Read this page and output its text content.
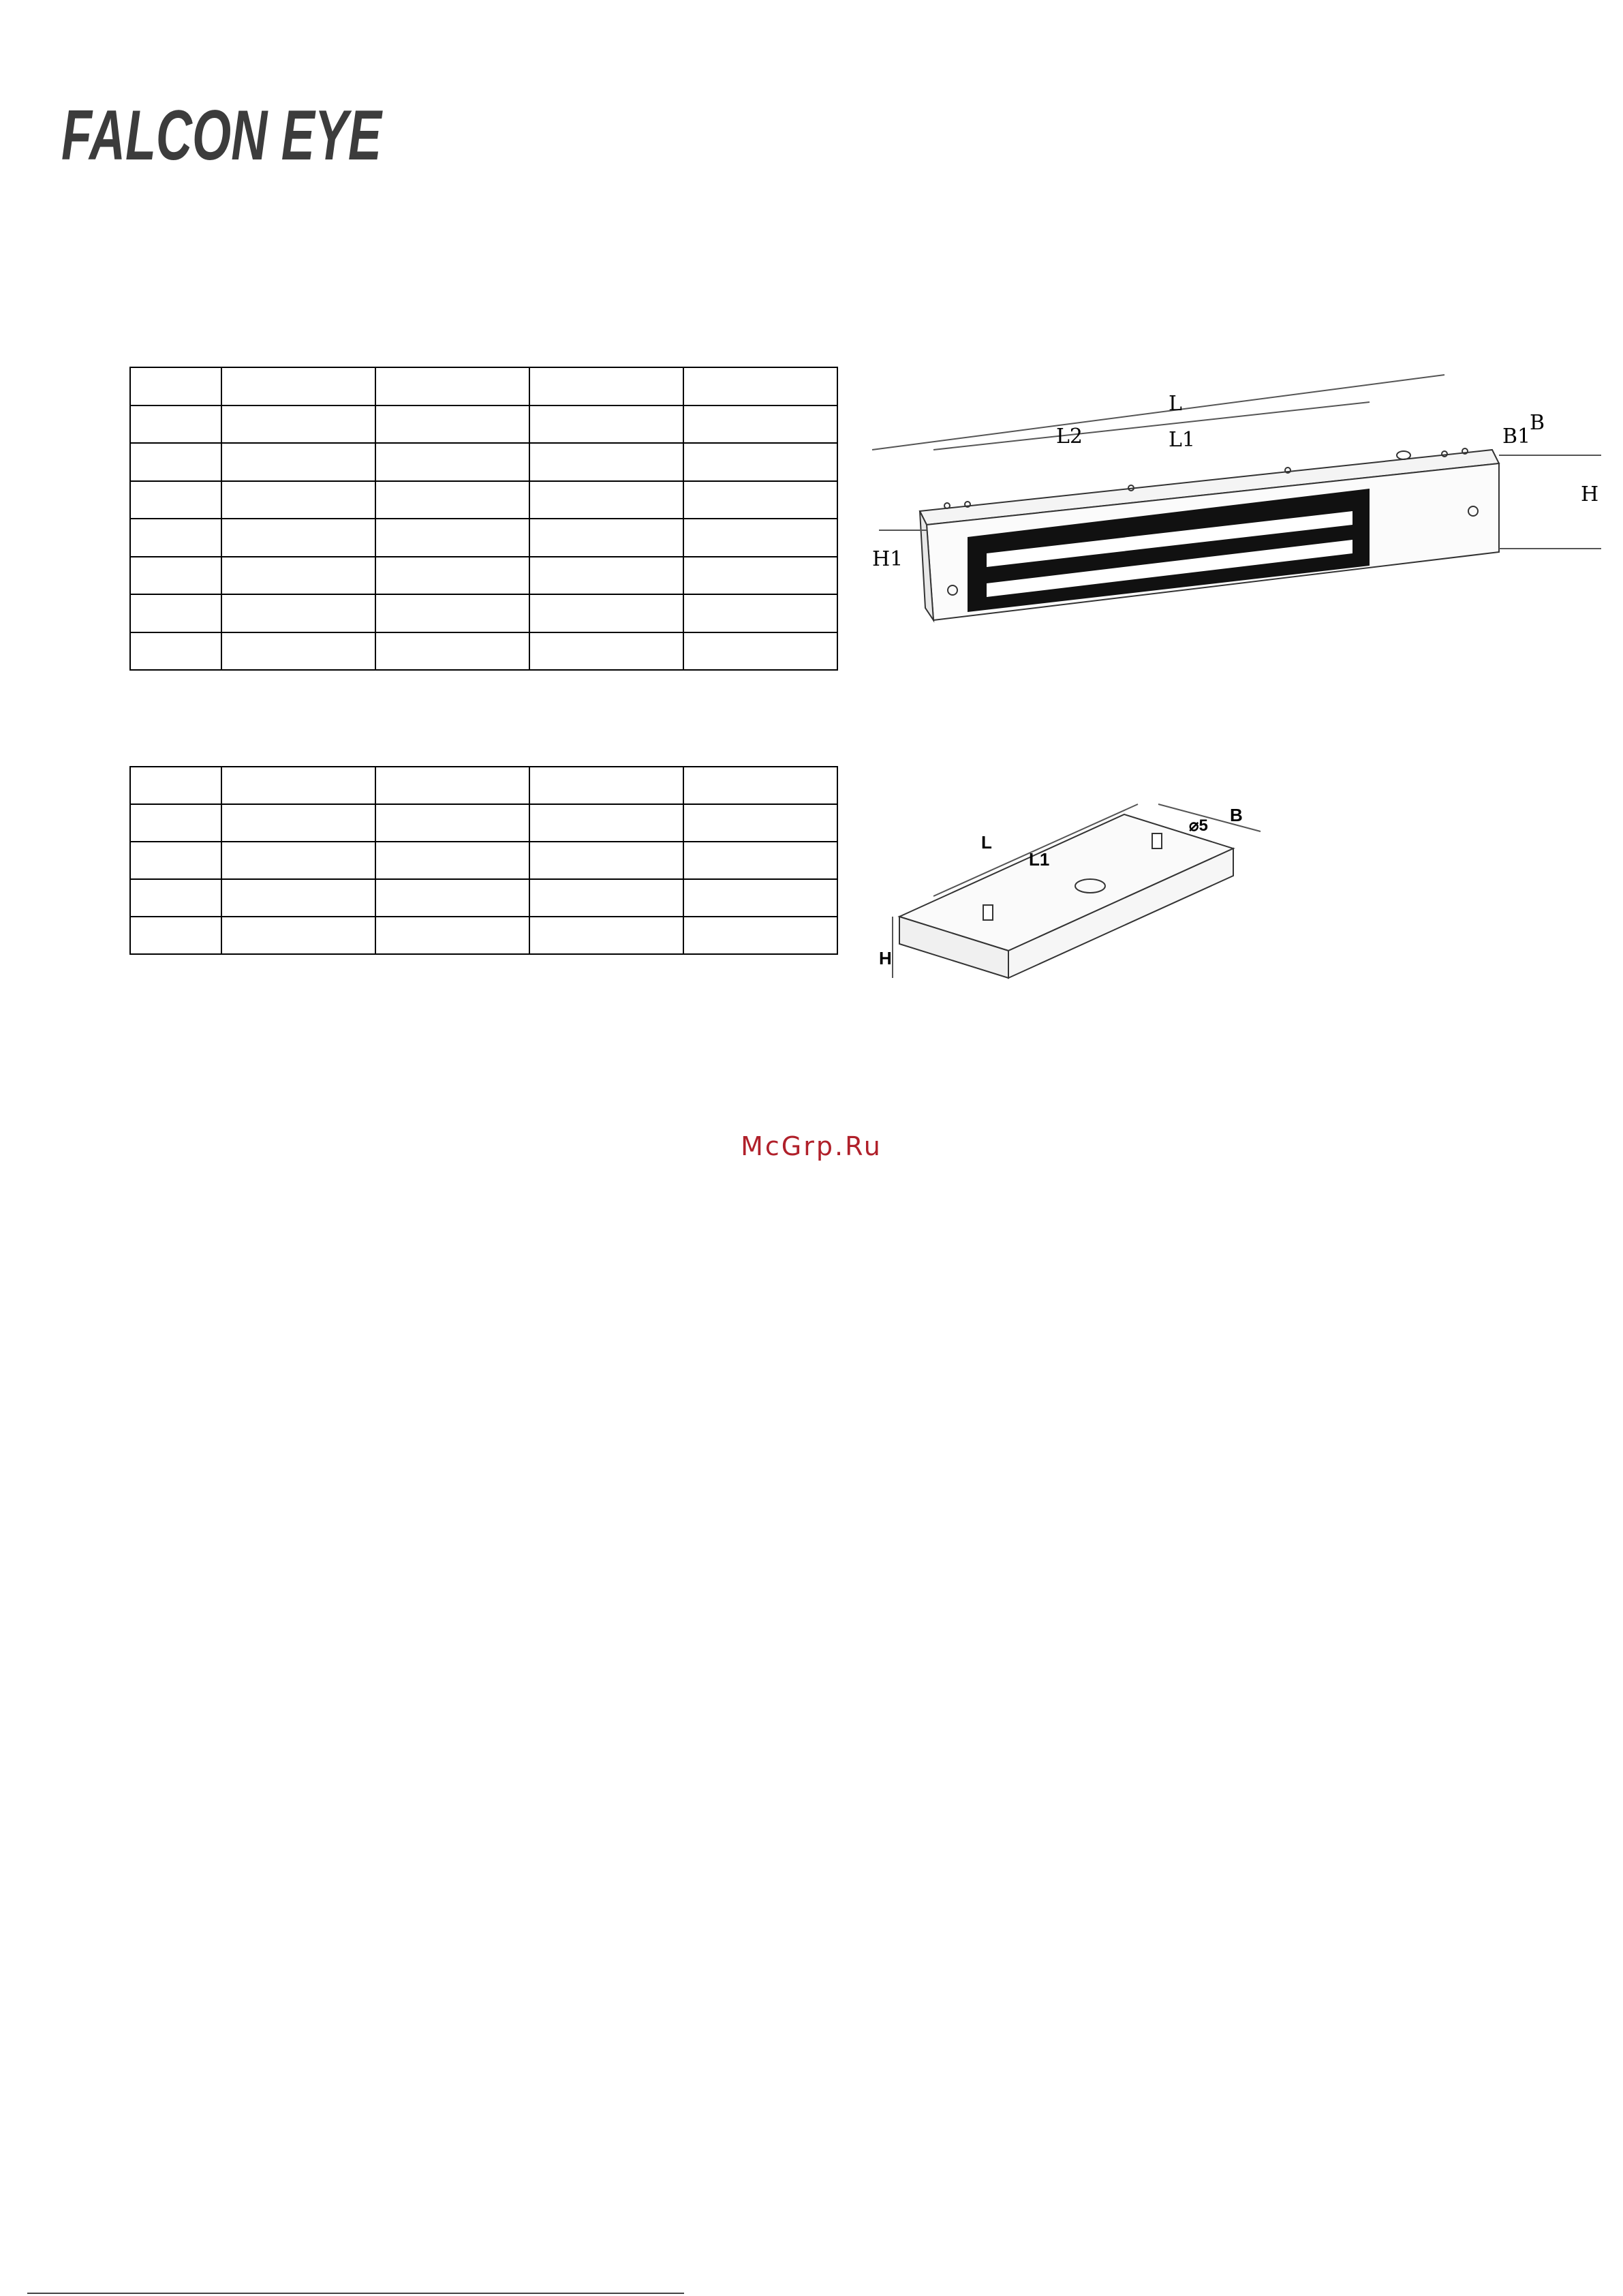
FALCON EYE

L
L2	L1
B
B1
H
H1
L
L1
B
⌀5
H
McGrp.Ru
